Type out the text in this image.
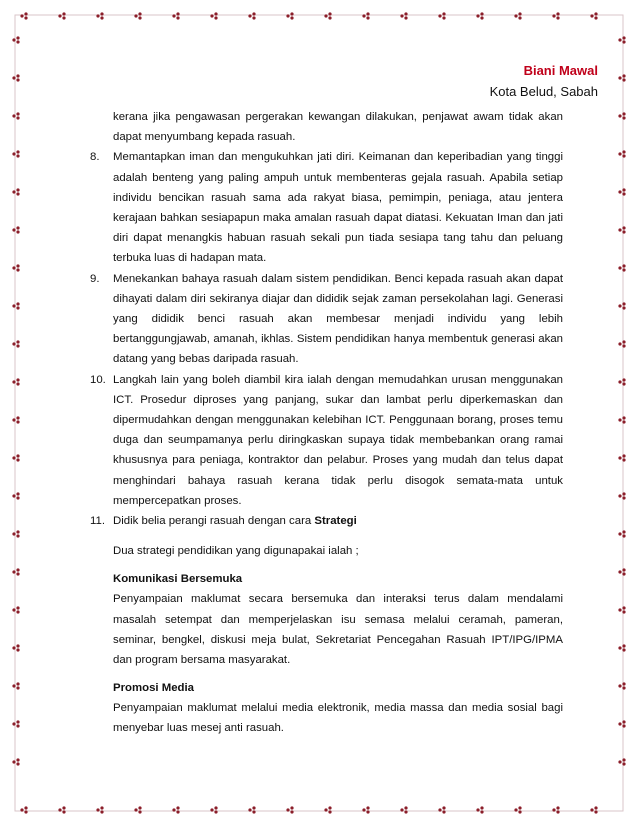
Biani Mawal
Kota Belud, Sabah

kerana jika pengawasan pergerakan kewangan dilakukan, penjawat awam tidak akan dapat menyumbang kepada rasuah.

8. Memantapkan iman dan mengukuhkan jati diri. Keimanan dan keperibadian yang tinggi adalah benteng yang paling ampuh untuk membenteras gejala rasuah. Apabila setiap individu bencikan rasuah sama ada rakyat biasa, pemimpin, peniaga, atau jentera kerajaan bahkan sesiapapun maka amalan rasuah dapat diatasi. Kekuatan Iman dan jati diri dapat menangkis habuan rasuah sekali pun tiada sesiapa tang tahu dan peluang terbuka luas di hadapan mata.
9. Menekankan bahaya rasuah dalam sistem pendidikan. Benci kepada rasuah akan dapat dihayati dalam diri sekiranya diajar dan dididik sejak zaman persekolahan lagi. Generasi yang dididik benci rasuah akan membesar menjadi individu yang lebih bertanggungjawab, amanah, ikhlas. Sistem pendidikan hanya membentuk generasi akan datang yang bebas daripada rasuah.
10. Langkah lain yang boleh diambil kira ialah dengan memudahkan urusan menggunakan ICT. Prosedur diproses yang panjang, sukar dan lambat perlu diperkemaskan dan dipermudahkan dengan menggunakan kelebihan ICT. Penggunaan borang, proses temu duga dan seumpamanya perlu diringkaskan supaya tidak membebankan orang ramai khususnya para peniaga, kontraktor dan pelabur. Proses yang mudah dan telus dapat menghindari bahaya rasuah kerana tidak perlu disogok semata-mata untuk mempercepatkan proses.
11. Didik belia perangi rasuah dengan cara Strategi

Dua strategi pendidikan yang digunapakai ialah ;

Komunikasi Bersemuka

Penyampaian maklumat secara bersemuka dan interaksi terus dalam mendalami masalah setempat dan memperjelaskan isu semasa melalui ceramah, pameran, seminar, bengkel, diskusi meja bulat, Sekretariat Pencegahan Rasuah IPT/IPG/IPMA dan program bersama masyarakat.

Promosi Media

Penyampaian maklumat melalui media elektronik, media massa dan media sosial bagi menyebar luas mesej anti rasuah.
